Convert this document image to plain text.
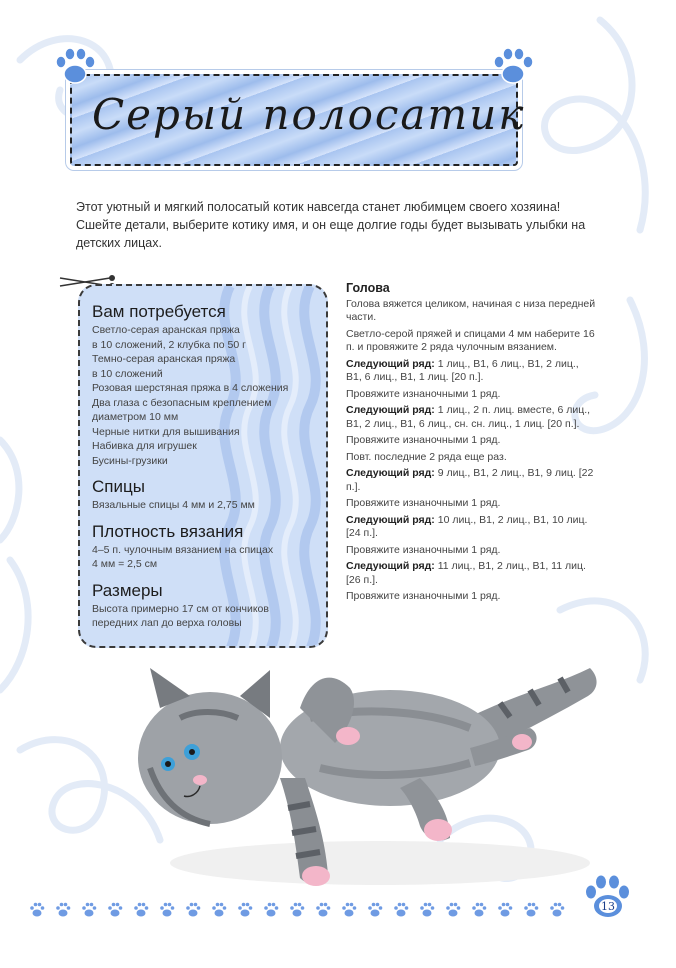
Серый полосатик
Этот уютный и мягкий полосатый котик навсегда станет любимцем своего хозяина! Сшейте детали, выберите котику имя, и он еще долгие годы будет вызывать улыбки на детских лицах.
Вам потребуется
Светло-серая аранская пряжа
в 10 сложений, 2 клубка по 50 г
Темно-серая аранская пряжа
в 10 сложений
Розовая шерстяная пряжа в 4 сложения
Два глаза с безопасным креплением
диаметром 10 мм
Черные нитки для вышивания
Набивка для игрушек
Бусины-грузики
Спицы
Вязальные спицы 4 мм и 2,75 мм
Плотность вязания
4–5 п. чулочным вязанием на спицах
4 мм = 2,5 см
Размеры
Высота примерно 17 см от кончиков
передних лап до верха головы
Голова
Голова вяжется целиком, начиная с низа передней части.
Светло-серой пряжей и спицами 4 мм наберите 16 п. и провяжите 2 ряда чулочным вязанием.
Следующий ряд: 1 лиц., В1, 6 лиц., В1, 2 лиц., В1, 6 лиц., В1, 1 лиц. [20 п.].
Провяжите изнаночными 1 ряд.
Следующий ряд: 1 лиц., 2 п. лиц. вместе, 6 лиц., В1, 2 лиц., В1, 6 лиц., сн. сн. лиц., 1 лиц. [20 п.].
Провяжите изнаночными 1 ряд.
Повт. последние 2 ряда еще раз.
Следующий ряд: 9 лиц., В1, 2 лиц., В1, 9 лиц. [22 п.].
Провяжите изнаночными 1 ряд.
Следующий ряд: 10 лиц., В1, 2 лиц., В1, 10 лиц. [24 п.].
Провяжите изнаночными 1 ряд.
Следующий ряд: 11 лиц., В1, 2 лиц., В1, 11 лиц. [26 п.].
Провяжите изнаночными 1 ряд.
13
